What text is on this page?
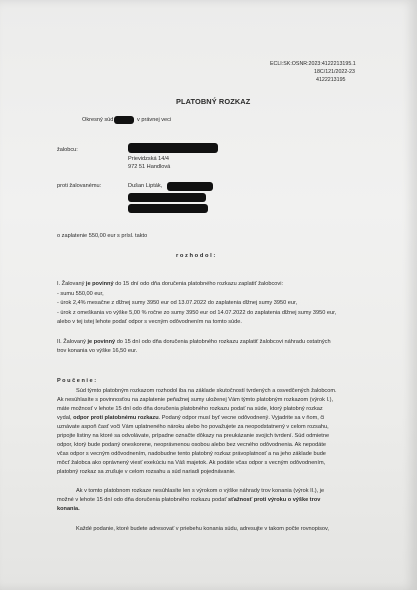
ECLI:SK:OSNR:2023:4122213195.1
18C/121/2022-23
4122213195
PLATOBNÝ ROZKAZ
Okresný súd	v právnej veci
žalobcu:
Prievidzská 14/4
972 51 Handlová
proti žalovanému:	Dušan Lipták,
o zaplatenie 550,00 eur s prísl. takto
r o z h o d o l :
I. Žalovaný je povinný do 15 dní odo dňa doručenia platobného rozkazu zaplatiť žalobcovi:
- sumu 550,00 eur,
- úrok 2,4% mesačne z dlžnej sumy 3950 eur od 13.07.2022 do zaplatenia dlžnej sumy 3950 eur,
- úrok z omeškania vo výške 5,00 % ročne zo sumy 3950 eur od 14.07.2022 do zaplatenia dlžnej sumy 3950 eur,
alebo v tej istej lehote podať odpor s vecným odôvodnením na tomto súde.
II. Žalovaný je povinný do 15 dní odo dňa doručenia platobného rozkazu zaplatiť žalobcovi náhradu ostatných
trov konania vo výške 16,50 eur.
P o u č e n i e :
Súd týmto platobným rozkazom rozhodol iba na základe skutočností tvrdených a osvedčených žalobcom.
Ak nesúhlasíte s povinnosťou na zaplatenie peňažnej sumy uloženej Vám týmto platobným rozkazom (výrok I.),
máte možnosť v lehote 15 dní odo dňa doručenia platobného rozkazu podať na súde, ktorý platobný rozkaz
vydal, odpor proti platobnému rozkazu. Podaný odpor musí byť vecne odôvodnený. Vyjadrite sa v ňom, či
uznávate aspoň časť voči Vám uplatneného nároku alebo ho považujete za neopodstatnený v celom rozsahu,
pripojte listiny na ktoré sa odvolávate, prípadne označte dôkazy na preukázanie svojich tvrdení. Súd odmietne
odpor, ktorý bude podaný oneskorene, neoprávnenou osobou alebo bez vecného odôvodnenia. Ak nepodáte
včas odpor s vecným odôvodnením, nadobudne tento platobný rozkaz právoplatnosť a na jeho základe bude
môcť žalobca ako oprávnený viesť exekúciu na Váš majetok. Ak podáte včas odpor s vecným odôvodnením,
platobný rozkaz sa zrušuje v celom rozsahu a súd nariadi pojednávanie.
Ak v tomto platobnom rozkaze nesúhlasíte len s výrokom o výške náhrady trov konania (výrok II.), je
možné v lehote 15 dní odo dňa doručenia platobného rozkazu podať sťažnosť proti výroku o výške trov
konania.
Každé podanie, ktoré budete adresovať v priebehu konania súdu, adresujte v takom počte rovnopisov,
